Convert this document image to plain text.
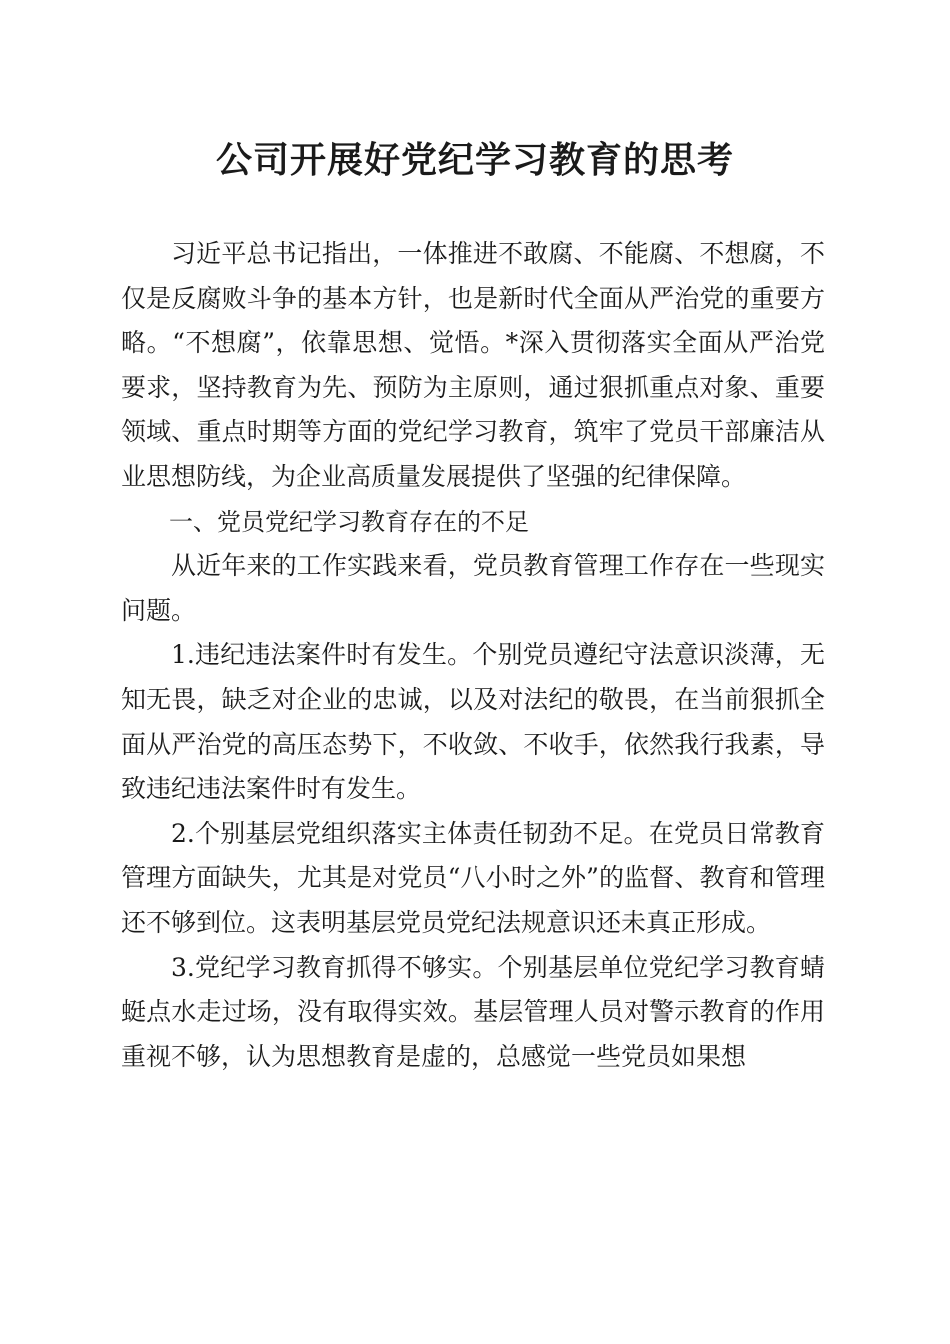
公司开展好党纪学习教育的思考

习近平总书记指出，一体推进不敢腐、不能腐、不想腐，不仅是反腐败斗争的基本方针，也是新时代全面从严治党的重要方略。“不想腐”，依靠思想、觉悟。*深入贯彻落实全面从严治党要求，坚持教育为先、预防为主原则，通过狠抓重点对象、重要领域、重点时期等方面的党纪学习教育，筑牢了党员干部廉洁从业思想防线，为企业高质量发展提供了坚强的纪律保障。

一、党员党纪学习教育存在的不足

从近年来的工作实践来看，党员教育管理工作存在一些现实问题。

1.违纪违法案件时有发生。个别党员遵纪守法意识淡薄，无知无畏，缺乏对企业的忠诚，以及对法纪的敬畏，在当前狠抓全面从严治党的高压态势下，不收敛、不收手，依然我行我素，导致违纪违法案件时有发生。

2.个别基层党组织落实主体责任韧劲不足。在党员日常教育管理方面缺失，尤其是对党员“八小时之外”的监督、教育和管理还不够到位。这表明基层党员党纪法规意识还未真正形成。

3.党纪学习教育抓得不够实。个别基层单位党纪学习教育蜻蜓点水走过场，没有取得实效。基层管理人员对警示教育的作用重视不够，认为思想教育是虚的，总感觉一些党员如果想
